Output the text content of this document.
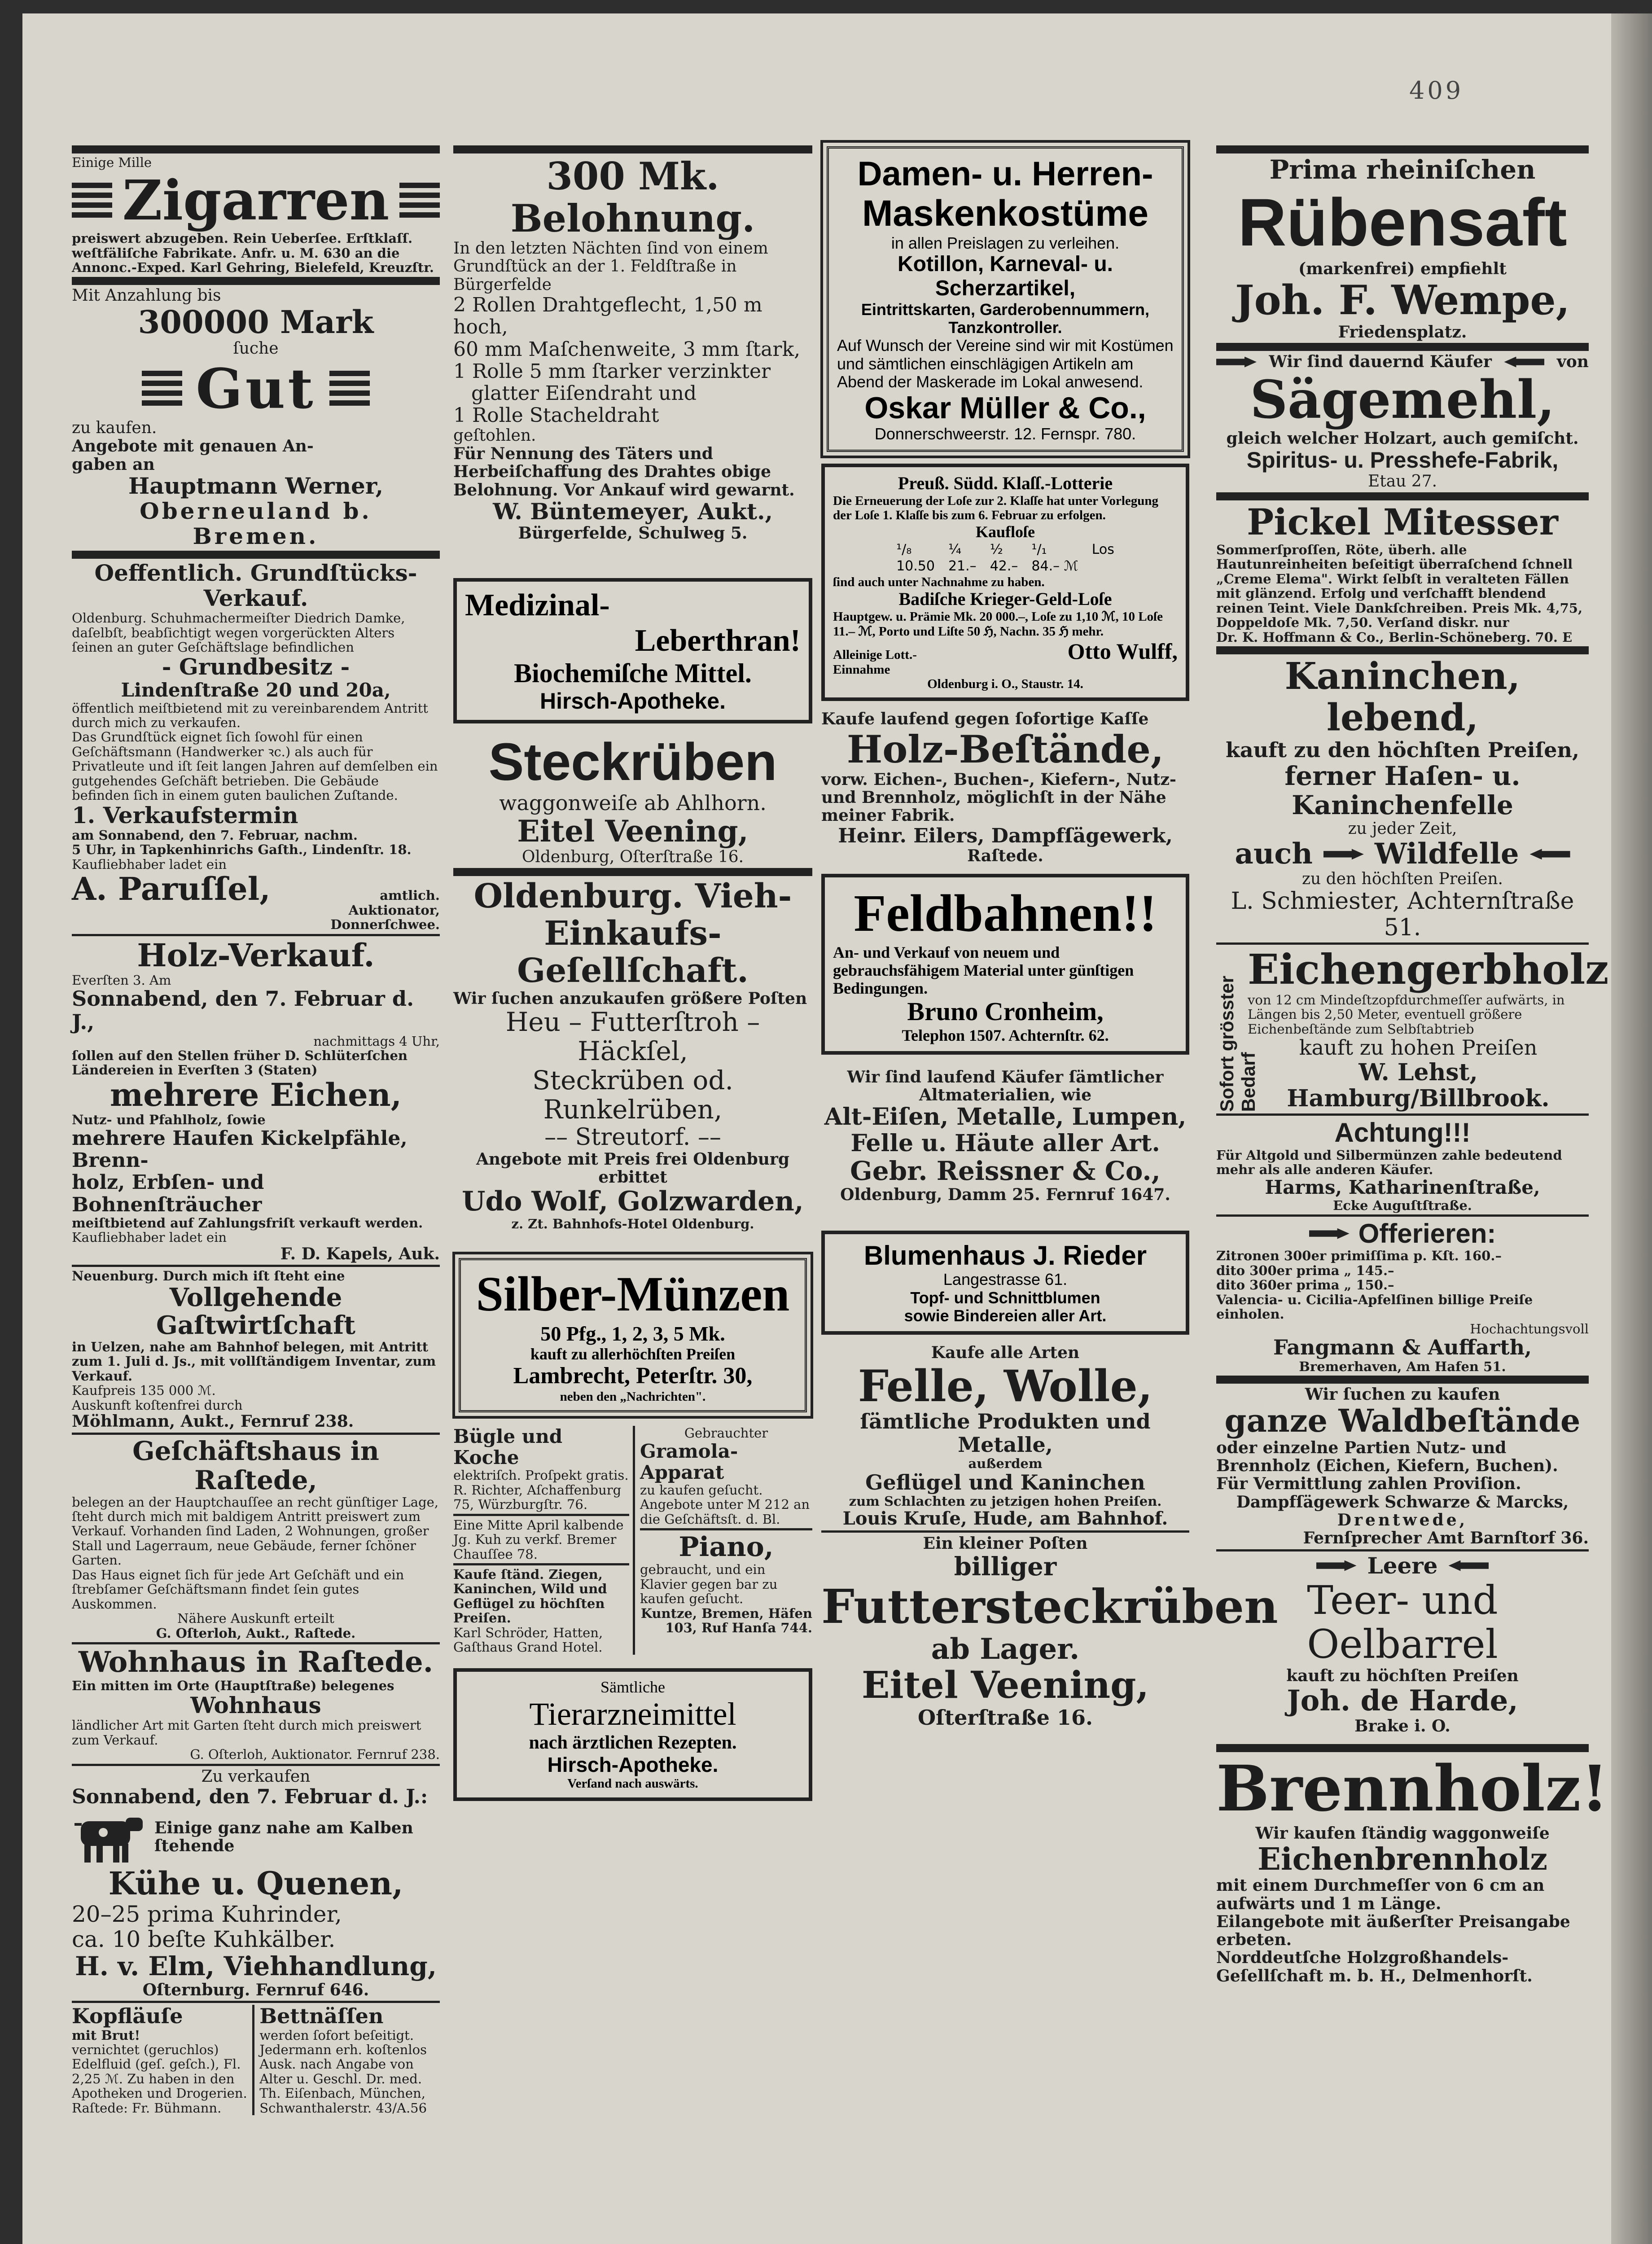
409

Einige Mille

Zigarren

preiswert abzugeben. Rein Ueberſee. Erſtklaſſ.

weſtfäliſche Fabrikate. Anfr. u. M. 630 an die

Annonc.-Exped. Karl Gehring, Bielefeld, Kreuzſtr.

Mit Anzahlung bis

300000 Mark

ſuche

Gut

zu kaufen.

Angebote mit genauen An-

gaben an

Hauptmann Werner,

Oberneuland b. Bremen.

Oeffentlich. Grundſtücks-Verkauf.

Oldenburg. Schuhmachermeiſter Diedrich Damke, daſelbſt, beabſichtigt wegen vorgerückten Alters ſeinen an guter Geſchäftslage befindlichen

- Grundbesitz -

Lindenſtraße 20 und 20a,

öffentlich meiſtbietend mit zu vereinbarendem Antritt durch mich zu verkaufen.

Das Grundſtück eignet ſich ſowohl für einen Geſchäftsmann (Handwerker ꝛc.) als auch für Privatleute und iſt ſeit langen Jahren auf demſelben ein gutgehendes Geſchäft betrieben. Die Gebäude befinden ſich in einem guten baulichen Zuſtande.

1. Verkaufstermin

am Sonnabend, den 7. Februar, nachm.

5 Uhr, in Tapkenhinrichs Gaſth., Lindenſtr. 18.

Kaufliebhaber ladet ein

A. Paruſſel,	amtlich. Auktionator, Donnerſchwee.

Holz-Verkauf.

Everſten 3. Am

Sonnabend, den 7. Februar d. J.,

nachmittags 4 Uhr,

ſollen auf den Stellen früher D. Schlüterſchen Ländereien in Everſten 3 (Staten)

mehrere Eichen,

Nutz- und Pfahlholz, ſowie

mehrere Haufen Kickelpfähle, Brenn-

holz, Erbſen- und Bohnenſträucher

meiſtbietend auf Zahlungsfriſt verkauft werden.

Kaufliebhaber ladet ein

F. D. Kapels, Auk.

Neuenburg. Durch mich iſt ſteht eine

Vollgehende Gaſtwirtſchaft

in Uelzen, nahe am Bahnhof belegen, mit Antritt zum 1. Juli d. Js., mit vollſtändigem Inventar, zum Verkauf.

Kaufpreis 135 000 ℳ.

Auskunft koſtenfrei durch

Möhlmann, Aukt., Fernruf 238.

Geſchäftshaus in Raſtede,

belegen an der Hauptchauſſee an recht günſtiger Lage, ſteht durch mich mit baldigem Antritt preiswert zum Verkauf. Vorhanden ſind Laden, 2 Wohnungen, großer Stall und Lagerraum, neue Gebäude, ferner ſchöner Garten.

Das Haus eignet ſich für jede Art Geſchäft und ein ſtrebſamer Geſchäftsmann findet ſein gutes Auskommen.

Nähere Auskunft erteilt

G. Oſterloh, Aukt., Raſtede.

Wohnhaus in Raſtede.

Ein mitten im Orte (Hauptſtraße) belegenes

Wohnhaus

ländlicher Art mit Garten ſteht durch mich preiswert zum Verkauf.

G. Oſterloh, Auktionator. Fernruf 238.

Zu verkaufen

Sonnabend, den 7. Februar d. J.:

Einige ganz nahe am Kalben ſtehende

Kühe u. Quenen,

20–25 prima Kuhrinder,

ca. 10 beſte Kuhkälber.

H. v. Elm, Viehhandlung,

Oſternburg. Fernruf 646.

Kopfläuſe

mit Brut!

vernichtet (geruchlos) Edelfluid (geſ. geſch.), Fl. 2,25 ℳ. Zu haben in den Apotheken und Drogerien. Raſtede: Fr. Bühmann.

Bettnäſſen

werden ſofort beſeitigt. Jedermann erh. koſtenlos Ausk. nach Angabe von Alter u. Geschl. Dr. med. Th. Eiſenbach, München, Schwanthalerstr. 43/A.56

300 Mk. Belohnung.

In den letzten Nächten ſind von einem Grundſtück an der 1. Feldſtraße in Bürgerfelde

2 Rollen Drahtgeflecht, 1,50 m hoch,

60 mm Maſchenweite, 3 mm ſtark,

1 Rolle 5 mm ſtarker verzinkter

glatter Eiſendraht und

1 Rolle Stacheldraht

geſtohlen.

Für Nennung des Täters und Herbeiſchaffung des Drahtes obige Belohnung. Vor Ankauf wird gewarnt.

W. Büntemeyer, Aukt.,

Bürgerfelde, Schulweg 5.

Medizinal-

Leberthran!

Biochemiſche Mittel.

Hirsch-Apotheke.

Steckrüben

waggonweiſe ab Ahlhorn.

Eitel Veening,

Oldenburg, Oſterſtraße 16.

Oldenburg. Vieh-Einkaufs-Geſellſchaft.

Wir ſuchen anzukaufen größere Poſten

Heu – Futterſtroh – Häckſel,

Steckrüben od. Runkelrüben,

–– Streutorf. ––

Angebote mit Preis frei Oldenburg erbittet

Udo Wolf, Golzwarden,

z. Zt. Bahnhofs-Hotel Oldenburg.

Silber-Münzen

50 Pfg., 1, 2, 3, 5 Mk.

kauft zu allerhöchſten Preiſen

Lambrecht, Peterſtr. 30,

neben den „Nachrichten".

Bügle und Koche

elektriſch. Proſpekt gratis. R. Richter, Aſchaffenburg 75, Würzburgſtr. 76.

Eine Mitte April kalbende Jg. Kuh zu verkf. Bremer Chauſſee 78.

Kaufe ſtänd. Ziegen, Kaninchen, Wild und Geflügel zu höchſten Preiſen.

Karl Schröder, Hatten, Gaſthaus Grand Hotel.

Gebrauchter

Gramola-Apparat

zu kaufen geſucht. Angebote unter M 212 an die Geſchäftsſt. d. Bl.

Piano,

gebraucht, und ein Klavier gegen bar zu kaufen geſucht.

Kuntze, Bremen, Häfen 103, Ruf Hanſa 744.

Sämtliche

Tierarzneimittel

nach ärztlichen Rezepten.

Hirsch-Apotheke.

Verſand nach auswärts.

Damen- u. Herren-

Maskenkostüme

in allen Preislagen zu verleihen.

Kotillon, Karneval- u.

Scherzartikel,

Eintrittskarten, Garderobennummern, Tanzkontroller.

Auf Wunsch der Vereine sind wir mit Kostümen und sämtlichen einschlägigen Artikeln am Abend der Maskerade im Lokal anwesend.

Oskar Müller & Co.,

Donnerschweerstr. 12. Fernspr. 780.

Preuß. Südd. Klaſſ.-Lotterie

Die Erneuerung der Loſe zur 2. Klaſſe hat unter Vorlegung der Loſe 1. Klaſſe bis zum 6. Februar zu erfolgen.

Kaufloſe

¹/₈	¼	½	¹/₁	Los
10.50	21.–	42.–	84.– ℳ	

ſind auch unter Nachnahme zu haben.

Badiſche Krieger-Geld-Loſe

Hauptgew. u. Prämie Mk. 20 000.–, Loſe zu 1,10 ℳ, 10 Loſe 11.– ℳ, Porto und Liſte 50 ℌ, Nachn. 35 ℌ mehr.

Alleinige Lott.-Einnahme
Otto Wulff,

Oldenburg i. O., Staustr. 14.

Kaufe laufend gegen ſofortige Kaſſe

Holz-Beſtände,

vorw. Eichen-, Buchen-, Kiefern-, Nutz- und Brennholz, möglichſt in der Nähe meiner Fabrik.

Heinr. Eilers, Dampfſägewerk,

Raſtede.

Feldbahnen!!

An- und Verkauf von neuem und gebrauchsfähigem Material unter günſtigen Bedingungen.

Bruno Cronheim,

Telephon 1507. Achternſtr. 62.

Wir ſind laufend Käufer ſämtlicher Altmaterialien, wie

Alt-Eiſen, Metalle, Lumpen,

Felle u. Häute aller Art.

Gebr. Reissner & Co.,

Oldenburg, Damm 25. Fernruf 1647.

Blumenhaus J. Rieder

Langestrasse 61.

Topf- und Schnittblumen

sowie Bindereien aller Art.

Kaufe alle Arten

Felle, Wolle,

ſämtliche Produkten und Metalle,

außerdem

Geflügel und Kaninchen

zum Schlachten zu jetzigen hohen Preiſen.

Louis Kruſe, Hude, am Bahnhof.

Ein kleiner Poſten

billiger

Futtersteckrüben

ab Lager.

Eitel Veening,

Oſterſtraße 16.

Prima rheiniſchen

Rübensaft

(markenfrei) empfiehlt

Joh. F. Wempe,

Friedensplatz.

Wir ſind dauernd Käufer	von

Sägemehl,

gleich welcher Holzart, auch gemiſcht.

Spiritus- u. Presshefe-Fabrik,

Etau 27.

Pickel Mitesser

Sommerſproſſen, Röte, überh. alle Hautunreinheiten beſeitigt überraſchend ſchnell „Creme Elema". Wirkt ſelbſt in veralteten Fällen mit glänzend. Erfolg und verſchafft blendend reinen Teint. Viele Dankſchreiben. Preis Mk. 4,75, Doppeldoſe Mk. 7,50. Verſand diskr. nur

Dr. K. Hoffmann & Co., Berlin-Schöneberg. 70. E

Kaninchen, lebend,

kauft zu den höchſten Preiſen,

ferner Haſen- u. Kaninchenfelle

zu jeder Zeit,

auch Wildfelle

zu den höchſten Preiſen.

L. Schmiester, Achternſtraße 51.

Sofort grösster Bedarf

Eichengerbholz

von 12 cm Mindeſtzopfdurchmeſſer aufwärts, in Längen bis 2,50 Meter, eventuell größere Eichenbeſtände zum Selbſtabtrieb

kauft zu hohen Preiſen

W. Lehst, Hamburg/Billbrook.

Achtung!!!

Für Altgold und Silbermünzen zahle bedeutend mehr als alle anderen Käufer.

Harms, Katharinenſtraße,

Ecke Auguſtſtraße.

Offerieren:

Zitronen 300er primiſſima p. Kſt. 160.–

dito 300er prima „ 145.–

dito 360er prima „ 150.–

Valencia- u. Cicilia-Apfelſinen billige Preiſe einholen.

Hochachtungsvoll

Fangmann & Auffarth,

Bremerhaven, Am Hafen 51.

Wir ſuchen zu kaufen

ganze Waldbeſtände

oder einzelne Partien Nutz- und Brennholz (Eichen, Kiefern, Buchen). Für Vermittlung zahlen Proviſion.

Dampfſägewerk Schwarze & Marcks,

Drentwede,

Fernſprecher Amt Barnſtorf 36.

Leere

Teer- und Oelbarrel

kauft zu höchſten Preiſen

Joh. de Harde,

Brake i. O.

Brennholz!

Wir kaufen ſtändig waggonweiſe

Eichenbrennholz

mit einem Durchmeſſer von 6 cm an aufwärts und 1 m Länge.

Eilangebote mit äußerſter Preisangabe erbeten.

Norddeutſche Holzgroßhandels-Geſellſchaft m. b. H., Delmenhorſt.
